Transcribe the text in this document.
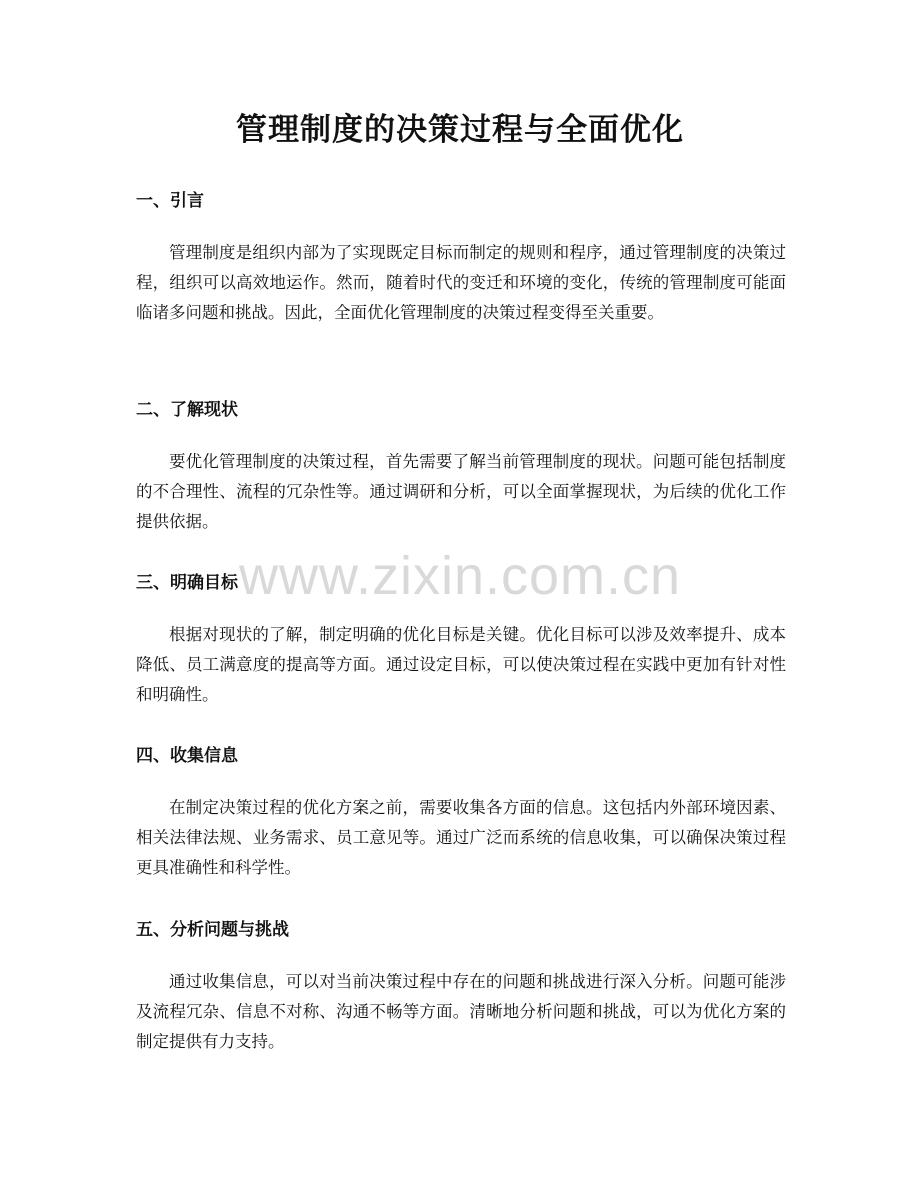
管理制度的决策过程与全面优化
一、引言

管理制度是组织内部为了实现既定目标而制定的规则和程序，通过管理制度的决策过程，组织可以高效地运作。然而，随着时代的变迁和环境的变化，传统的管理制度可能面临诸多问题和挑战。因此，全面优化管理制度的决策过程变得至关重要。

二、了解现状

要优化管理制度的决策过程，首先需要了解当前管理制度的现状。问题可能包括制度的不合理性、流程的冗杂性等。通过调研和分析，可以全面掌握现状，为后续的优化工作提供依据。

三、明确目标

根据对现状的了解，制定明确的优化目标是关键。优化目标可以涉及效率提升、成本降低、员工满意度的提高等方面。通过设定目标，可以使决策过程在实践中更加有针对性和明确性。

四、收集信息

在制定决策过程的优化方案之前，需要收集各方面的信息。这包括内外部环境因素、相关法律法规、业务需求、员工意见等。通过广泛而系统的信息收集，可以确保决策过程更具准确性和科学性。

五、分析问题与挑战

通过收集信息，可以对当前决策过程中存在的问题和挑战进行深入分析。问题可能涉及流程冗杂、信息不对称、沟通不畅等方面。清晰地分析问题和挑战，可以为优化方案的制定提供有力支持。

www.zixin.com.cn
